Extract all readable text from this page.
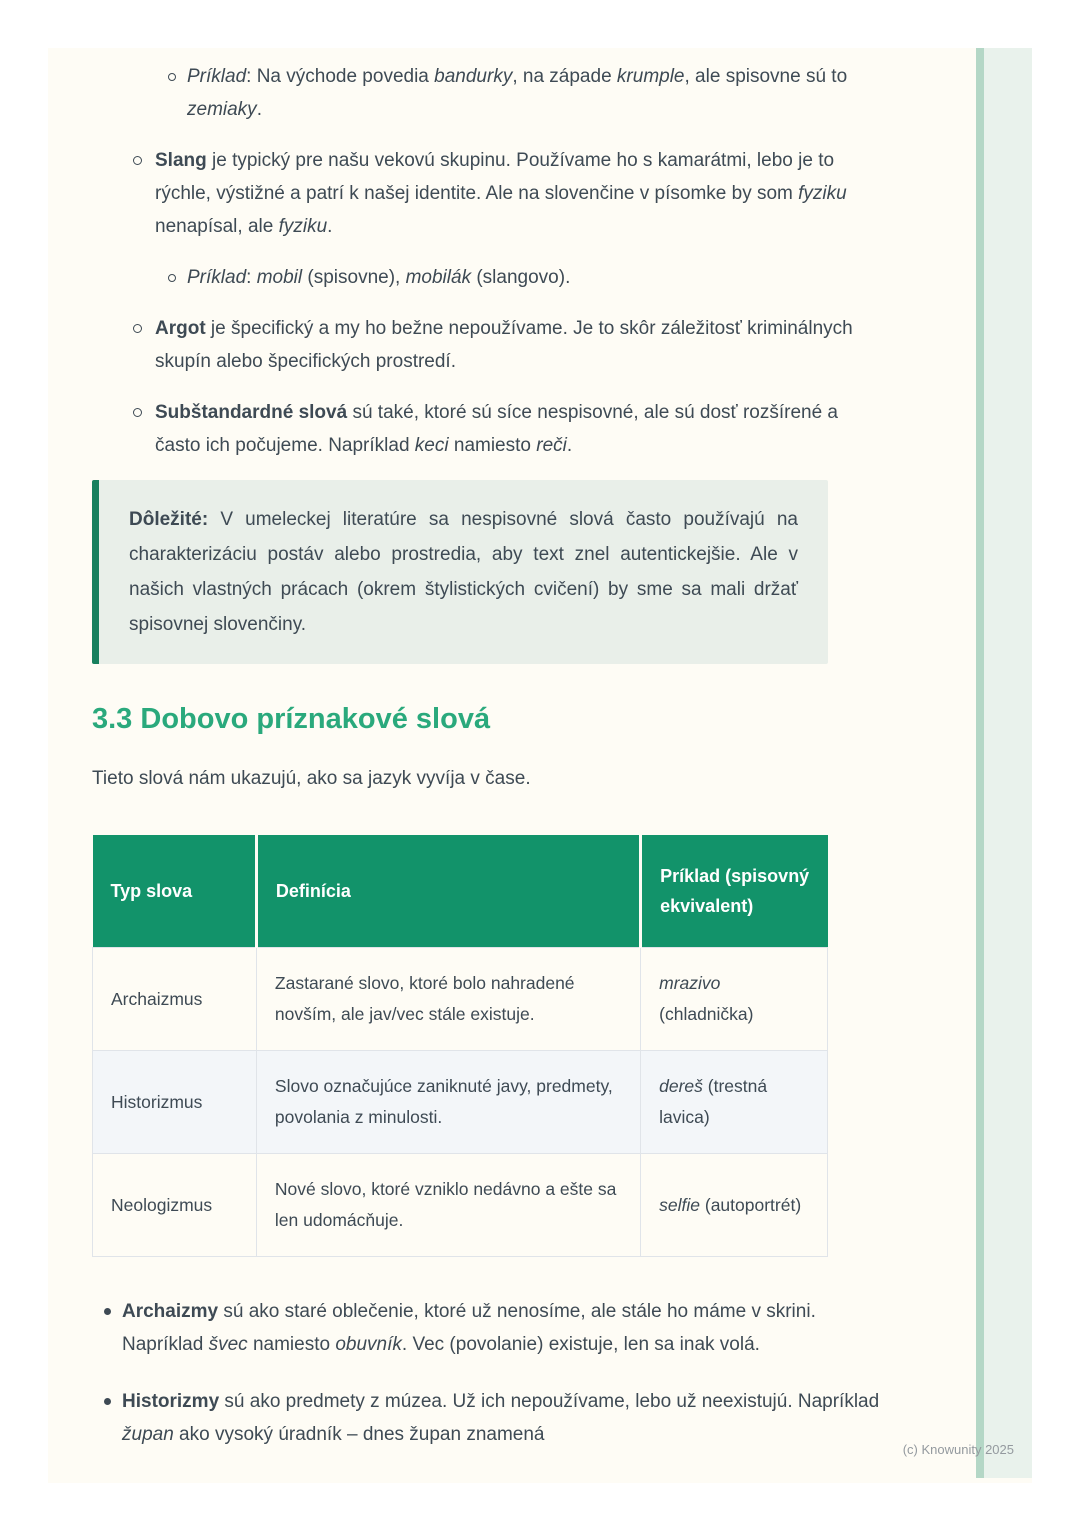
Príklad: Na východe povedia bandurky, na západe krumple, ale spisovne sú to zemiaky.
Slang je typický pre našu vekovú skupinu. Používame ho s kamarátmi, lebo je to rýchle, výstižné a patrí k našej identite. Ale na slovenčine v písomke by som fyziku nenapísal, ale fyziku.
Príklad: mobil (spisovne), mobilák (slangovo).
Argot je špecifický a my ho bežne nepoužívame. Je to skôr záležitosť kriminálnych skupín alebo špecifických prostredí.
Subštandardné slová sú také, ktoré sú síce nespisovné, ale sú dosť rozšírené a často ich počujeme. Napríklad keci namiesto reči.
Dôležité: V umeleckej literatúre sa nespisovné slová často používajú na charakterizáciu postáv alebo prostredia, aby text znel autentickejšie. Ale v našich vlastných prácach (okrem štylistických cvičení) by sme sa mali držať spisovnej slovenčiny.
3.3 Dobovo príznakové slová

Tieto slová nám ukazujú, ako sa jazyk vyvíja v čase.

Typ slova	Definícia	Príklad (spisovný ekvivalent)
Archaizmus	Zastarané slovo, ktoré bolo nahradené novším, ale jav/vec stále existuje.	mrazivo (chladnička)
Historizmus	Slovo označujúce zaniknuté javy, predmety, povolania z minulosti.	dereš (trestná lavica)
Neologizmus	Nové slovo, ktoré vzniklo nedávno a ešte sa len udomácňuje.	selfie (autoportrét)
Archaizmy sú ako staré oblečenie, ktoré už nenosíme, ale stále ho máme v skrini. Napríklad švec namiesto obuvník. Vec (povolanie) existuje, len sa inak volá.
Historizmy sú ako predmety z múzea. Už ich nepoužívame, lebo už neexistujú. Napríklad župan ako vysoký úradník – dnes župan znamená
(c) Knowunity 2025
